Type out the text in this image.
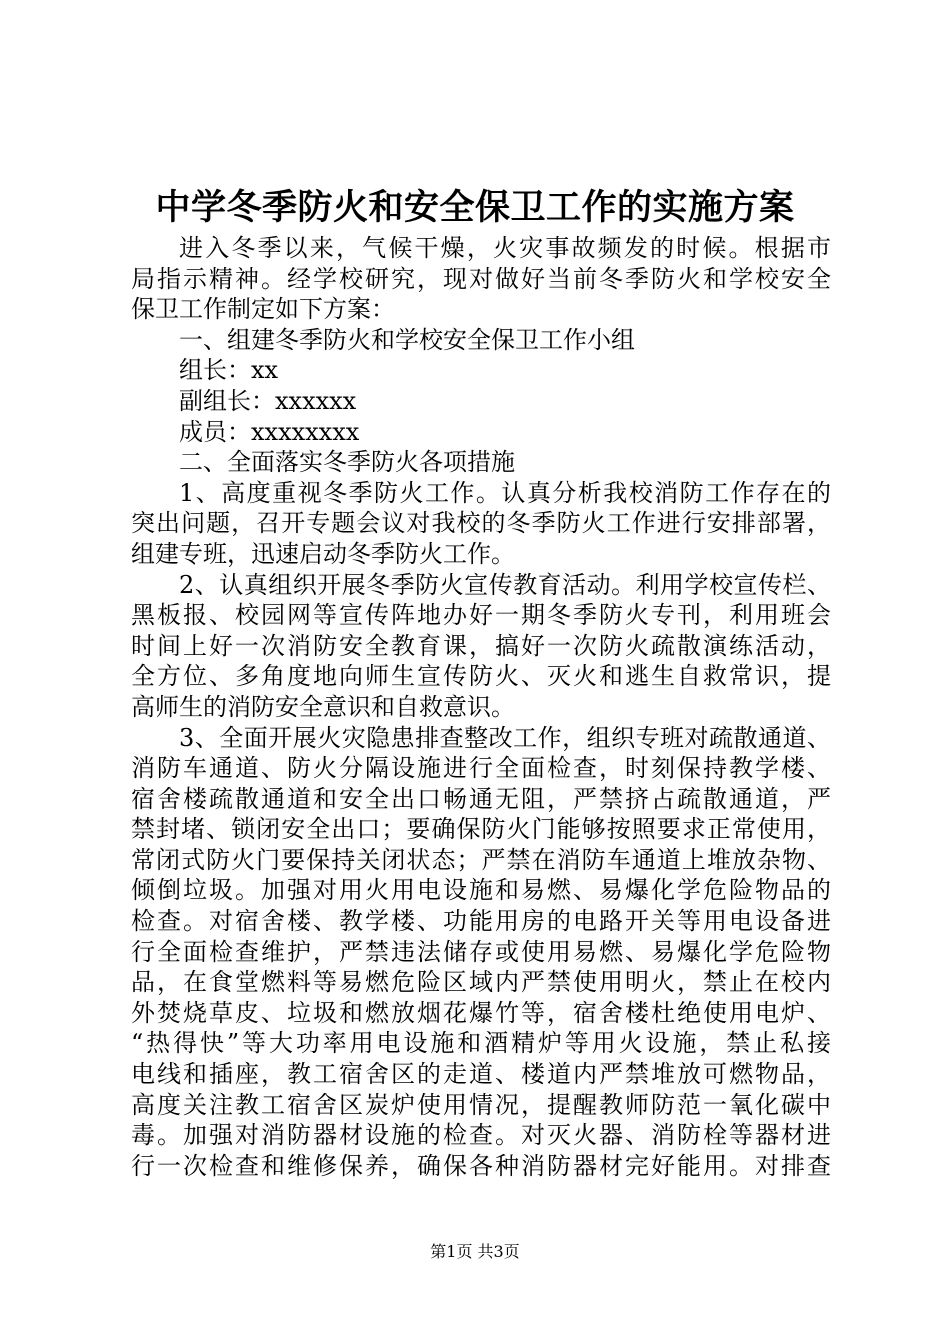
中学冬季防火和安全保卫工作的实施方案
进入冬季以来，气候干燥，火灾事故频发的时候。根据市
局指示精神。经学校研究，现对做好当前冬季防火和学校安全
保卫工作制定如下方案：
一、组建冬季防火和学校安全保卫工作小组
组长：xx
副组长：xxxxxx
成员：xxxxxxxx
二、全面落实冬季防火各项措施
1、高度重视冬季防火工作。认真分析我校消防工作存在的
突出问题，召开专题会议对我校的冬季防火工作进行安排部署，
组建专班，迅速启动冬季防火工作。
2、认真组织开展冬季防火宣传教育活动。利用学校宣传栏、
黑板报、校园网等宣传阵地办好一期冬季防火专刊，利用班会
时间上好一次消防安全教育课，搞好一次防火疏散演练活动，
全方位、多角度地向师生宣传防火、灭火和逃生自救常识，提
高师生的消防安全意识和自救意识。
3、全面开展火灾隐患排查整改工作，组织专班对疏散通道、
消防车通道、防火分隔设施进行全面检查，时刻保持教学楼、
宿舍楼疏散通道和安全出口畅通无阻，严禁挤占疏散通道，严
禁封堵、锁闭安全出口；要确保防火门能够按照要求正常使用，
常闭式防火门要保持关闭状态；严禁在消防车通道上堆放杂物、
倾倒垃圾。加强对用火用电设施和易燃、易爆化学危险物品的
检查。对宿舍楼、教学楼、功能用房的电路开关等用电设备进
行全面检查维护，严禁违法储存或使用易燃、易爆化学危险物
品，在食堂燃料等易燃危险区域内严禁使用明火，禁止在校内
外焚烧草皮、垃圾和燃放烟花爆竹等，宿舍楼杜绝使用电炉、
“热得快”等大功率用电设施和酒精炉等用火设施，禁止私接
电线和插座，教工宿舍区的走道、楼道内严禁堆放可燃物品，
高度关注教工宿舍区炭炉使用情况，提醒教师防范一氧化碳中
毒。加强对消防器材设施的检查。对灭火器、消防栓等器材进
行一次检查和维修保养，确保各种消防器材完好能用。对排查
第1页 共3页
